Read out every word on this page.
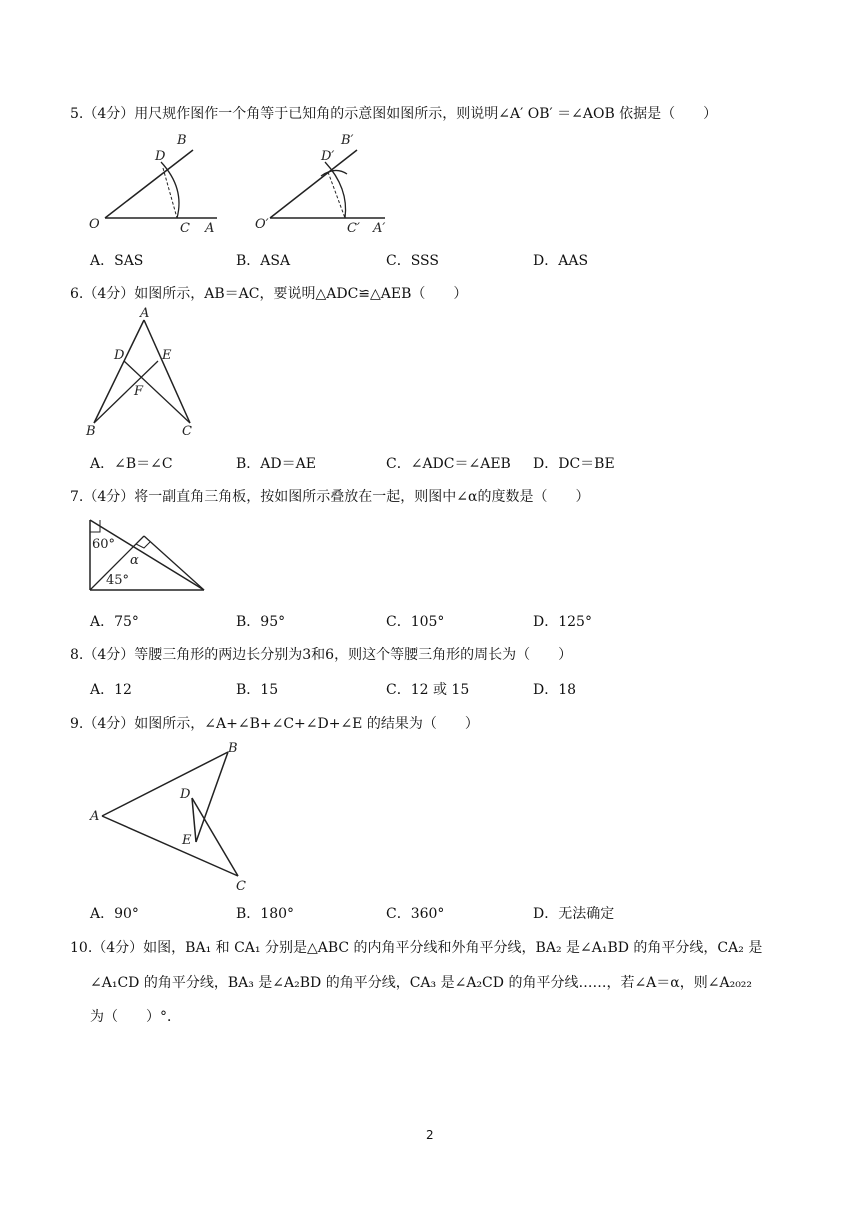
5.（4分）用尺规作图作一个角等于已知角的示意图如图所示，则说明∠A′ OB′ ＝∠AOB 依据是（　　）
B
D
O	C A
B′
D′
O′	C′ A′
A．SAS	B．ASA	C．SSS	D．AAS
6.（4分）如图所示，AB＝AC，要说明△ADC≌△AEB（　　）
A
D	E
F
B	C
A．∠B＝∠C	B．AD＝AE	C．∠ADC＝∠AEB D．DC＝BE
7.（4分）将一副直角三角板，按如图所示叠放在一起，则图中∠α的度数是（　　）
60°
α
45°
A．75°	B．95°	C．105°	D．125°
8.（4分）等腰三角形的两边长分别为3和6，则这个等腰三角形的周长为（　　）
A．12	B．15	C．12 或 15	D．18
9.（4分）如图所示，∠A+∠B+∠C+∠D+∠E 的结果为（　　）
B
D
A
E
C
A．90°	B．180°	C．360°	D．无法确定
10.（4分）如图，BA₁ 和 CA₁ 分别是△ABC 的内角平分线和外角平分线，BA₂ 是∠A₁BD 的角平分线，CA₂ 是
∠A₁CD 的角平分线，BA₃ 是∠A₂BD 的角平分线，CA₃ 是∠A₂CD 的角平分线……，若∠A＝α，则∠A₂₀₂₂
为（　　）°．
2
